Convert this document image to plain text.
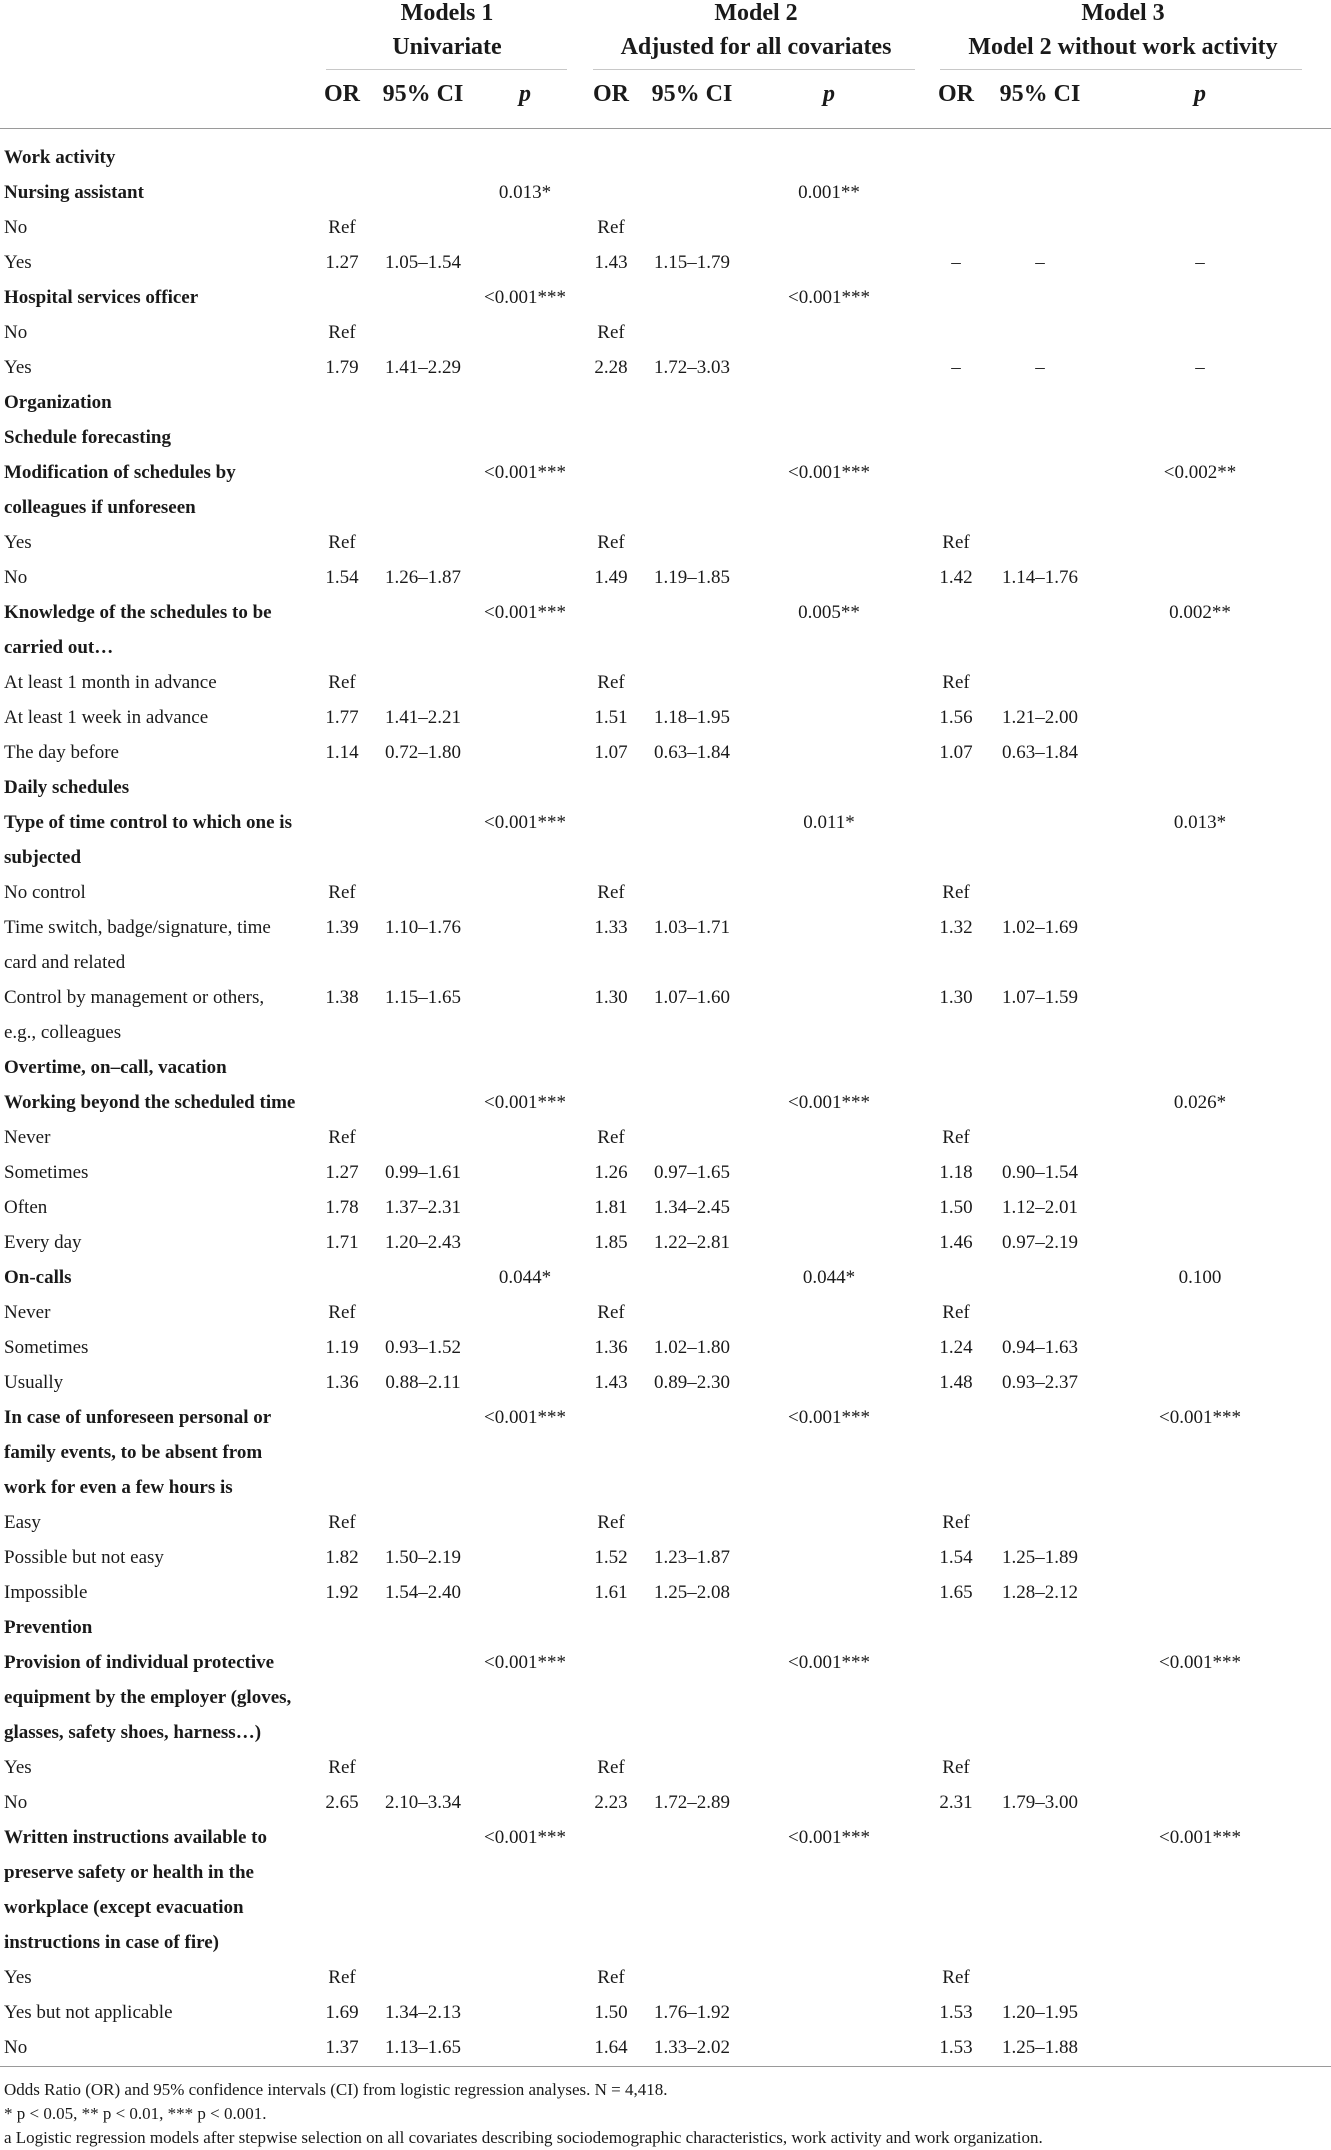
Models 1
Univariate
Model 2
Adjusted for all covariates
Model 3
Model 2 without work activity
OR 95% CI p	OR 95% CI	p	OR 95% CI	p
Work activity
Nursing assistant	0.013*	0.001**
No	Ref	Ref
Yes	1.27 1.05–1.54	1.43 1.15–1.79	–	–	–
Hospital services officer	<0.001***	<0.001***
No	Ref	Ref
Yes	1.79 1.41–2.29	2.28 1.72–3.03	–	–	–
Organization
Schedule forecasting
Modification of schedules by
colleagues if unforeseen
<0.001***	<0.001***	<0.002**
Yes	Ref	Ref	Ref
No	1.54 1.26–1.87	1.49 1.19–1.85	1.42 1.14–1.76
Knowledge of the schedules to be
carried out…
<0.001***	0.005**	0.002**
At least 1 month in advance	Ref	Ref	Ref
At least 1 week in advance	1.77 1.41–2.21	1.51 1.18–1.95	1.56 1.21–2.00
The day before	1.14 0.72–1.80	1.07 0.63–1.84	1.07 0.63–1.84
Daily schedules
Type of time control to which one is
subjected
<0.001***	0.011*	0.013*
No control	Ref	Ref	Ref
Time switch, badge/signature, time
card and related
1.39 1.10–1.76	1.33 1.03–1.71	1.32 1.02–1.69
Control by management or others,
e.g., colleagues
1.38 1.15–1.65	1.30 1.07–1.60	1.30 1.07–1.59
Overtime, on–call, vacation
Working beyond the scheduled time	<0.001***	<0.001***	0.026*
Never	Ref	Ref	Ref
Sometimes	1.27 0.99–1.61	1.26 0.97–1.65	1.18 0.90–1.54
Often	1.78 1.37–2.31	1.81 1.34–2.45	1.50 1.12–2.01
Every day	1.71 1.20–2.43	1.85 1.22–2.81	1.46 0.97–2.19
On-calls	0.044*	0.044*	0.100
Never	Ref	Ref	Ref
Sometimes	1.19 0.93–1.52	1.36 1.02–1.80	1.24 0.94–1.63
Usually	1.36 0.88–2.11	1.43 0.89–2.30	1.48 0.93–2.37
In case of unforeseen personal or
family events, to be absent from
work for even a few hours is
<0.001***	<0.001***	<0.001***
Easy	Ref	Ref	Ref
Possible but not easy	1.82 1.50–2.19	1.52 1.23–1.87	1.54 1.25–1.89
Impossible	1.92 1.54–2.40	1.61 1.25–2.08	1.65 1.28–2.12
Prevention
Provision of individual protective
equipment by the employer (gloves,
glasses, safety shoes, harness…)
<0.001***	<0.001***	<0.001***
Yes	Ref	Ref	Ref
No	2.65 2.10–3.34	2.23 1.72–2.89	2.31 1.79–3.00
Written instructions available to
preserve safety or health in the
workplace (except evacuation
instructions in case of fire)
<0.001***	<0.001***	<0.001***
Yes	Ref	Ref	Ref
Yes but not applicable	1.69 1.34–2.13	1.50 1.76–1.92	1.53 1.20–1.95
No	1.37 1.13–1.65	1.64 1.33–2.02	1.53 1.25–1.88
Odds Ratio (OR) and 95% confidence intervals (CI) from logistic regression analyses. N = 4,418.
* p < 0.05, ** p < 0.01, *** p < 0.001.
a Logistic regression models after stepwise selection on all covariates describing sociodemographic characteristics, work activity and work organization.
